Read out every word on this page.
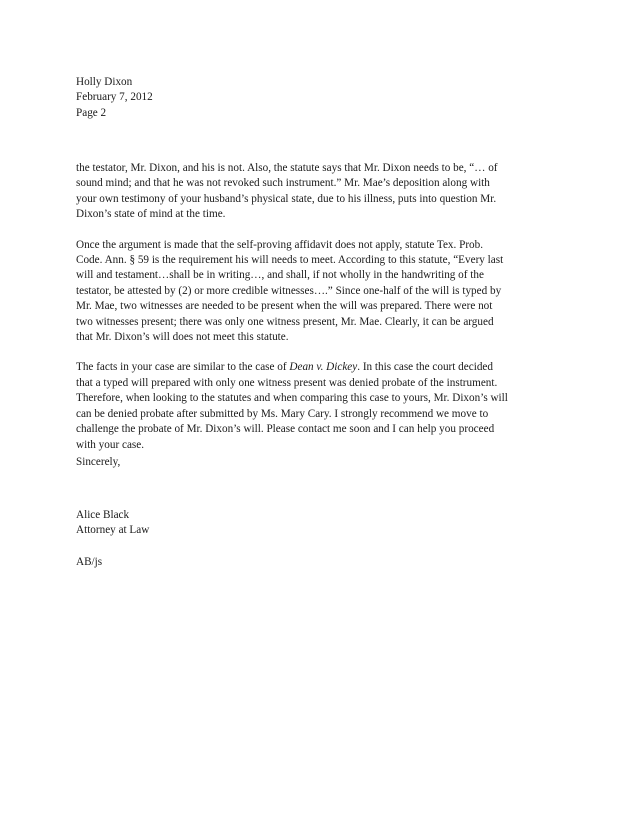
Holly Dixon
February 7, 2012
Page 2

the testator, Mr. Dixon, and his is not. Also, the statute says that Mr. Dixon needs to be, “… of
sound mind; and that he was not revoked such instrument.” Mr. Mae’s deposition along with
your own testimony of your husband’s physical state, due to his illness, puts into question Mr.
Dixon’s state of mind at the time.

Once the argument is made that the self-proving affidavit does not apply, statute Tex. Prob.
Code. Ann. § 59 is the requirement his will needs to meet. According to this statute, “Every last
will and testament…shall be in writing…, and shall, if not wholly in the handwriting of the
testator, be attested by (2) or more credible witnesses….” Since one-half of the will is typed by
Mr. Mae, two witnesses are needed to be present when the will was prepared. There were not
two witnesses present; there was only one witness present, Mr. Mae. Clearly, it can be argued
that Mr. Dixon’s will does not meet this statute.

The facts in your case are similar to the case of Dean v. Dickey. In this case the court decided
that a typed will prepared with only one witness present was denied probate of the instrument.
Therefore, when looking to the statutes and when comparing this case to yours, Mr. Dixon’s will
can be denied probate after submitted by Ms. Mary Cary. I strongly recommend we move to
challenge the probate of Mr. Dixon’s will. Please contact me soon and I can help you proceed
with your case.

Sincerely,
Alice Black
Attorney at Law
AB/js
